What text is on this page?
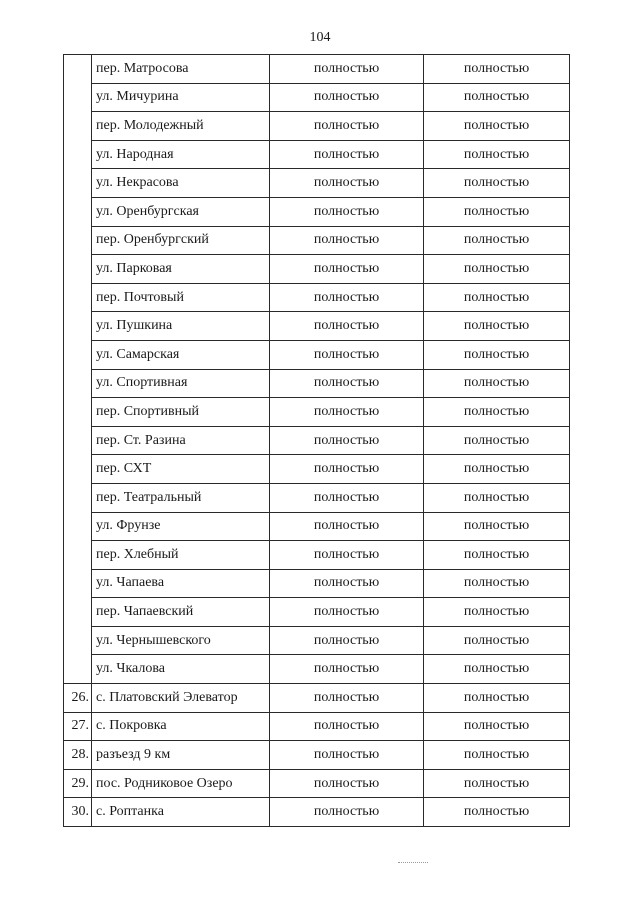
104
	пер. Матросова	полностью	полностью
	ул. Мичурина	полностью	полностью
	пер. Молодежный	полностью	полностью
	ул. Народная	полностью	полностью
	ул. Некрасова	полностью	полностью
	ул. Оренбургская	полностью	полностью
	пер. Оренбургский	полностью	полностью
	ул. Парковая	полностью	полностью
	пер. Почтовый	полностью	полностью
	ул. Пушкина	полностью	полностью
	ул. Самарская	полностью	полностью
	ул. Спортивная	полностью	полностью
	пер. Спортивный	полностью	полностью
	пер. Ст. Разина	полностью	полностью
	пер. СХТ	полностью	полностью
	пер. Театральный	полностью	полностью
	ул. Фрунзе	полностью	полностью
	пер. Хлебный	полностью	полностью
	ул. Чапаева	полностью	полностью
	пер. Чапаевский	полностью	полностью
	ул. Чернышевского	полностью	полностью
	ул. Чкалова	полностью	полностью
26.	с. Платовский Элеватор	полностью	полностью
27.	с. Покровка	полностью	полностью
28.	разъезд 9 км	полностью	полностью
29.	пос. Родниковое Озеро	полностью	полностью
30.	с. Роптанка	полностью	полностью
